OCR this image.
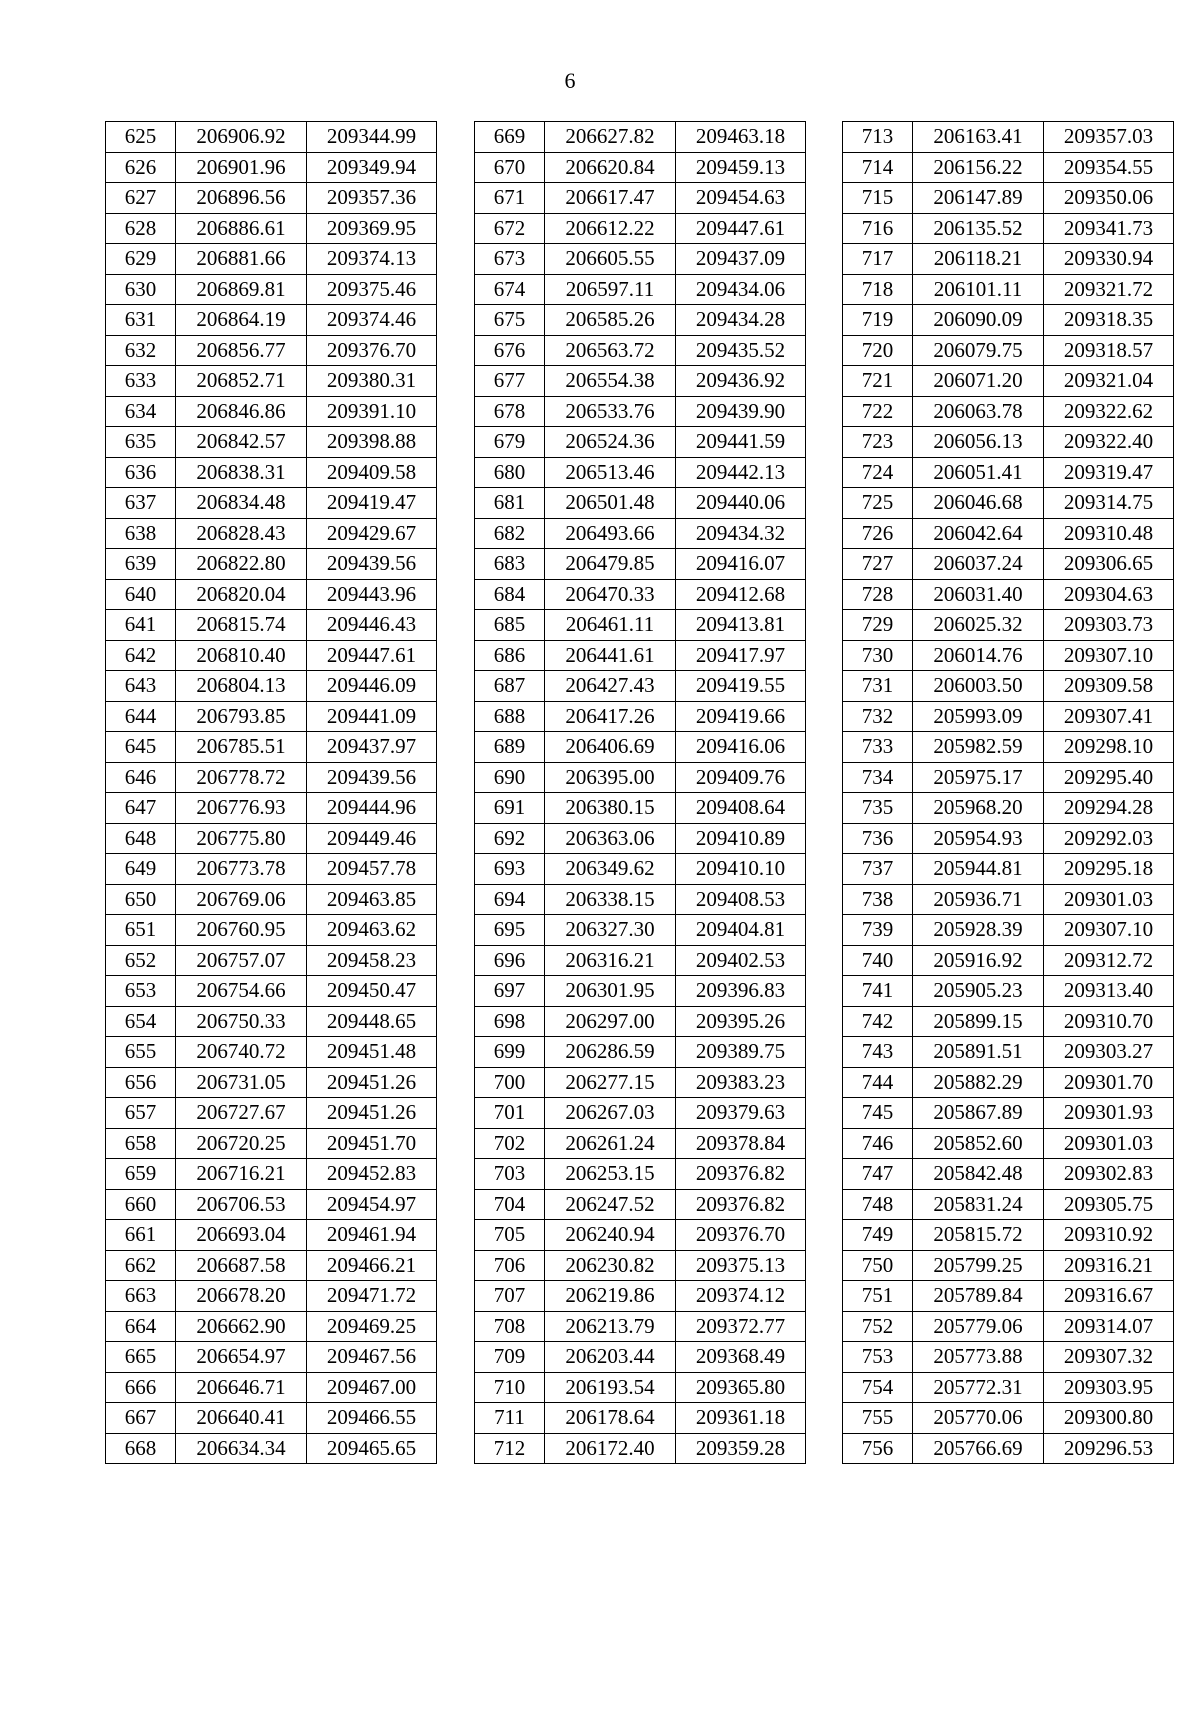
6
625	206906.92	209344.99
626	206901.96	209349.94
627	206896.56	209357.36
628	206886.61	209369.95
629	206881.66	209374.13
630	206869.81	209375.46
631	206864.19	209374.46
632	206856.77	209376.70
633	206852.71	209380.31
634	206846.86	209391.10
635	206842.57	209398.88
636	206838.31	209409.58
637	206834.48	209419.47
638	206828.43	209429.67
639	206822.80	209439.56
640	206820.04	209443.96
641	206815.74	209446.43
642	206810.40	209447.61
643	206804.13	209446.09
644	206793.85	209441.09
645	206785.51	209437.97
646	206778.72	209439.56
647	206776.93	209444.96
648	206775.80	209449.46
649	206773.78	209457.78
650	206769.06	209463.85
651	206760.95	209463.62
652	206757.07	209458.23
653	206754.66	209450.47
654	206750.33	209448.65
655	206740.72	209451.48
656	206731.05	209451.26
657	206727.67	209451.26
658	206720.25	209451.70
659	206716.21	209452.83
660	206706.53	209454.97
661	206693.04	209461.94
662	206687.58	209466.21
663	206678.20	209471.72
664	206662.90	209469.25
665	206654.97	209467.56
666	206646.71	209467.00
667	206640.41	209466.55
668	206634.34	209465.65
669	206627.82	209463.18
670	206620.84	209459.13
671	206617.47	209454.63
672	206612.22	209447.61
673	206605.55	209437.09
674	206597.11	209434.06
675	206585.26	209434.28
676	206563.72	209435.52
677	206554.38	209436.92
678	206533.76	209439.90
679	206524.36	209441.59
680	206513.46	209442.13
681	206501.48	209440.06
682	206493.66	209434.32
683	206479.85	209416.07
684	206470.33	209412.68
685	206461.11	209413.81
686	206441.61	209417.97
687	206427.43	209419.55
688	206417.26	209419.66
689	206406.69	209416.06
690	206395.00	209409.76
691	206380.15	209408.64
692	206363.06	209410.89
693	206349.62	209410.10
694	206338.15	209408.53
695	206327.30	209404.81
696	206316.21	209402.53
697	206301.95	209396.83
698	206297.00	209395.26
699	206286.59	209389.75
700	206277.15	209383.23
701	206267.03	209379.63
702	206261.24	209378.84
703	206253.15	209376.82
704	206247.52	209376.82
705	206240.94	209376.70
706	206230.82	209375.13
707	206219.86	209374.12
708	206213.79	209372.77
709	206203.44	209368.49
710	206193.54	209365.80
711	206178.64	209361.18
712	206172.40	209359.28
713	206163.41	209357.03
714	206156.22	209354.55
715	206147.89	209350.06
716	206135.52	209341.73
717	206118.21	209330.94
718	206101.11	209321.72
719	206090.09	209318.35
720	206079.75	209318.57
721	206071.20	209321.04
722	206063.78	209322.62
723	206056.13	209322.40
724	206051.41	209319.47
725	206046.68	209314.75
726	206042.64	209310.48
727	206037.24	209306.65
728	206031.40	209304.63
729	206025.32	209303.73
730	206014.76	209307.10
731	206003.50	209309.58
732	205993.09	209307.41
733	205982.59	209298.10
734	205975.17	209295.40
735	205968.20	209294.28
736	205954.93	209292.03
737	205944.81	209295.18
738	205936.71	209301.03
739	205928.39	209307.10
740	205916.92	209312.72
741	205905.23	209313.40
742	205899.15	209310.70
743	205891.51	209303.27
744	205882.29	209301.70
745	205867.89	209301.93
746	205852.60	209301.03
747	205842.48	209302.83
748	205831.24	209305.75
749	205815.72	209310.92
750	205799.25	209316.21
751	205789.84	209316.67
752	205779.06	209314.07
753	205773.88	209307.32
754	205772.31	209303.95
755	205770.06	209300.80
756	205766.69	209296.53
